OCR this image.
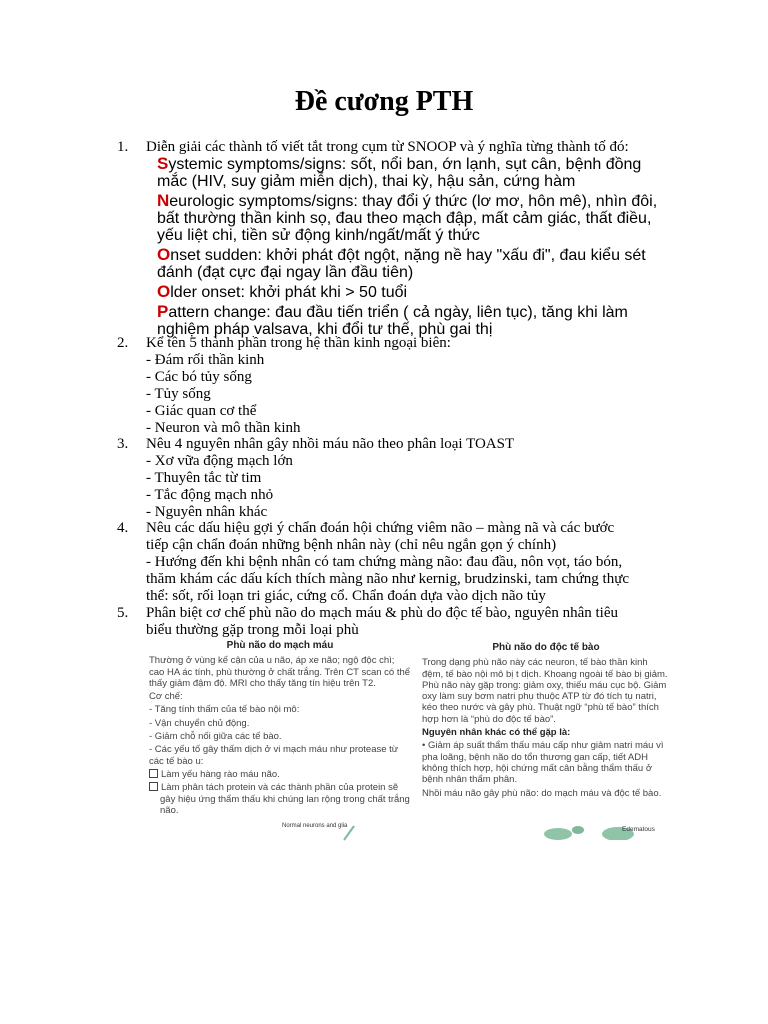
Đề cương PTH
1. Diễn giải các thành tố viết tắt trong cụm từ SNOOP và ý nghĩa từng thành tố đó:

Systemic symptoms/signs: sốt, nổi ban, ớn lạnh, sụt cân, bệnh đồng
mắc (HIV, suy giảm miễn dịch), thai kỳ, hậu sản, cứng hàm

Neurologic symptoms/signs: thay đổi ý thức (lơ mơ, hôn mê), nhìn đôi,
bất thường thần kinh sọ, đau theo mạch đập, mất cảm giác, thất điều,
yếu liệt chi, tiền sử động kinh/ngất/mất ý thức

Onset sudden: khởi phát đột ngột, nặng nề hay "xấu đi", đau kiểu sét
đánh (đạt cực đại ngay lần đầu tiên)

Older onset: khởi phát khi > 50 tuổi

Pattern change: đau đầu tiến triển ( cả ngày, liên tục), tăng khi làm
nghiệm pháp valsava, khi đổi tư thế, phù gai thị

2. Kể tên 5 thành phần trong hệ thần kinh ngoại biên:
- Đám rối thần kinh
- Các bó tủy sống
- Tủy sống
- Giác quan cơ thể
- Neuron và mô thần kinh
3. Nêu 4 nguyên nhân gây nhồi máu não theo phân loại TOAST
- Xơ vữa động mạch lớn
- Thuyên tắc từ tim
- Tắc động mạch nhỏ
- Nguyên nhân khác
4. Nêu các dấu hiệu gợi ý chẩn đoán hội chứng viêm não – màng nã và các bước
tiếp cận chẩn đoán những bệnh nhân này (chỉ nêu ngắn gọn ý chính)
- Hướng đến khi bệnh nhân có tam chứng màng não: đau đầu, nôn vọt, táo bón,
thăm khám các dấu kích thích màng não như kernig, brudzinski, tam chứng thực
thể: sốt, rối loạn tri giác, cứng cổ. Chẩn đoán dựa vào dịch não tủy
5. Phân biệt cơ chế phù não do mạch máu & phù do độc tế bào, nguyên nhân tiêu
biểu thường gặp trong mỗi loại phù
Phù não do mạch máu

Thường ở vùng kế cận của u não, áp xe não; ngộ độc chì; cao HA ác tính, phù thường ở chất trắng. Trên CT scan có thể thấy giảm đậm độ. MRI cho thấy tăng tín hiệu trên T2.

Cơ chế:

- Tăng tính thấm của tế bào nội mô:

- Vận chuyển chủ động.

- Giảm chỗ nối giữa các tế bào.

- Các yếu tố gây thấm dịch ở vi mạch máu như protease từ các tế bào u:

Làm yếu hàng rào máu não.

Làm phân tách protein và các thành phần của protein sẽ gây hiệu ứng thẩm thấu khi chúng lan rộng trong chất trắng não.

Normal neurons and glia
Phù não do độc tế bào

Trong dạng phù não này các neuron, tế bào thần kinh đệm, tế bào nội mô bị t dịch. Khoang ngoài tế bào bị giảm. Phù não này gặp trong: giảm oxy, thiếu máu cục bộ. Giảm oxy làm suy bơm natri phụ thuộc ATP từ đó tích tụ natri, kéo theo nước và gây phù. Thuật ngữ “phù tế bào” thích hợp hơn là “phù do độc tế bào”.

Nguyên nhân khác có thể gặp là:

• Giảm áp suất thẩm thấu máu cấp như giảm natri máu vì pha loãng, bệnh não do tổn thương gan cấp, tiết ADH không thích hợp, hội chứng mất cân bằng thẩm thấu ở bệnh nhân thẩm phân.

Nhồi máu não gây phù não: do mạch máu và độc tế bào.

Edematous
